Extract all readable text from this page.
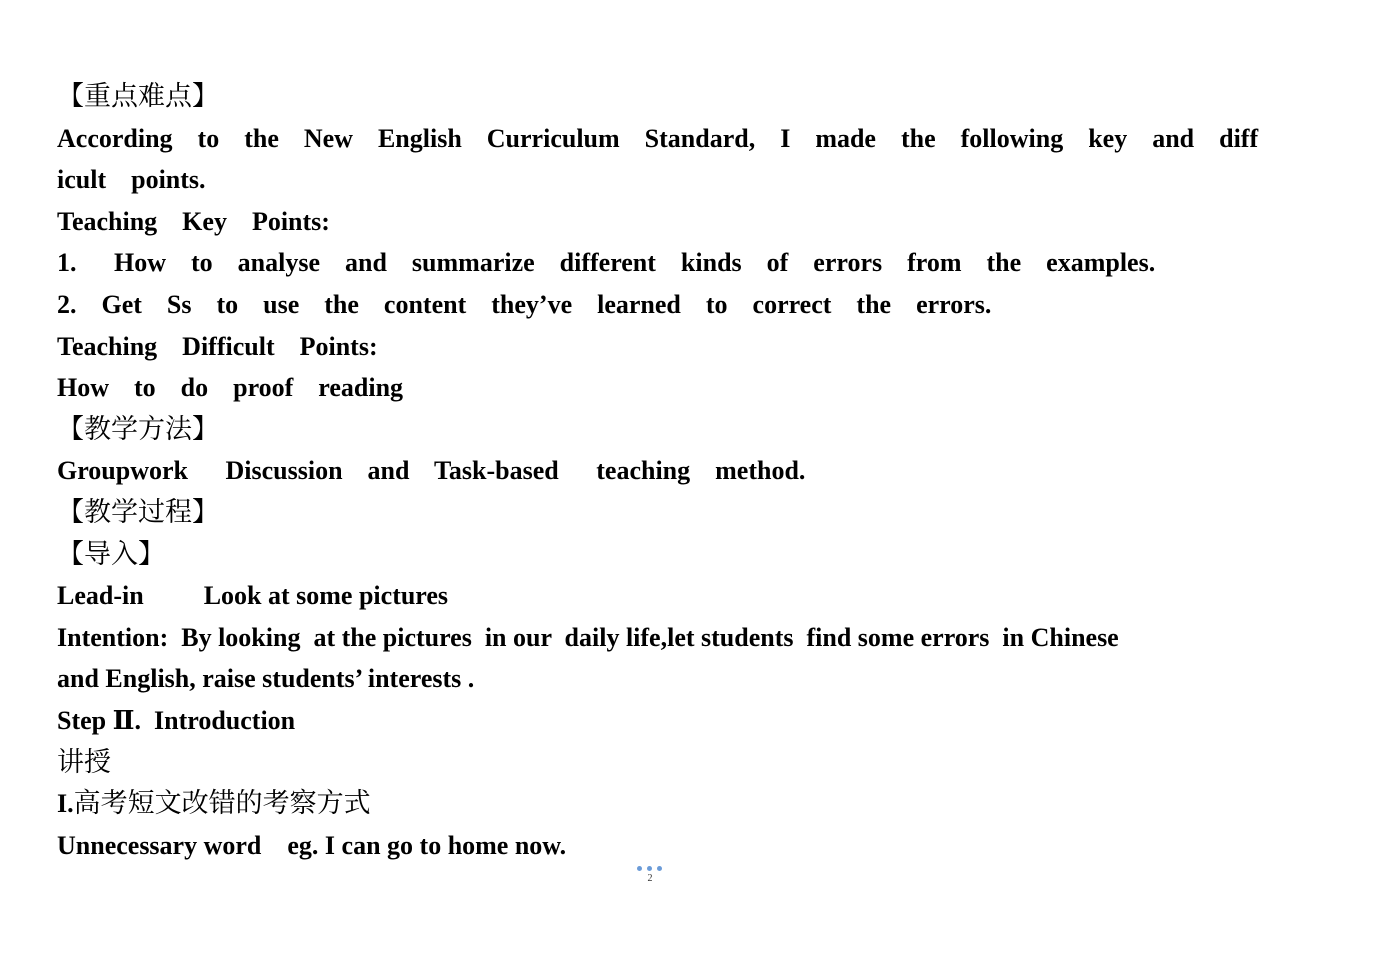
【重点难点】
According  to  the  New  English  Curriculum  Standard,  I  made  the  following  key  and  diff
icult  points.
Teaching  Key  Points:
1.   How  to  analyse  and  summarize  different  kinds  of  errors  from  the  examples.
2.  Get  Ss  to  use  the  content  they’ve  learned  to  correct  the  errors.
Teaching  Difficult  Points:
How  to  do  proof  reading
【教学方法】
Groupwork   Discussion  and  Task-based   teaching  method.
【教学过程】
【导入】
Lead-in Look at some pictures
Intention:  By looking  at the pictures  in our  daily life,let students  find some errors  in Chinese
and English, raise students’ interests .
Step Ⅱ.  Introduction
讲授
I.高考短文改错的考察方式
Unnecessary word eg. I can go to home now.
2
